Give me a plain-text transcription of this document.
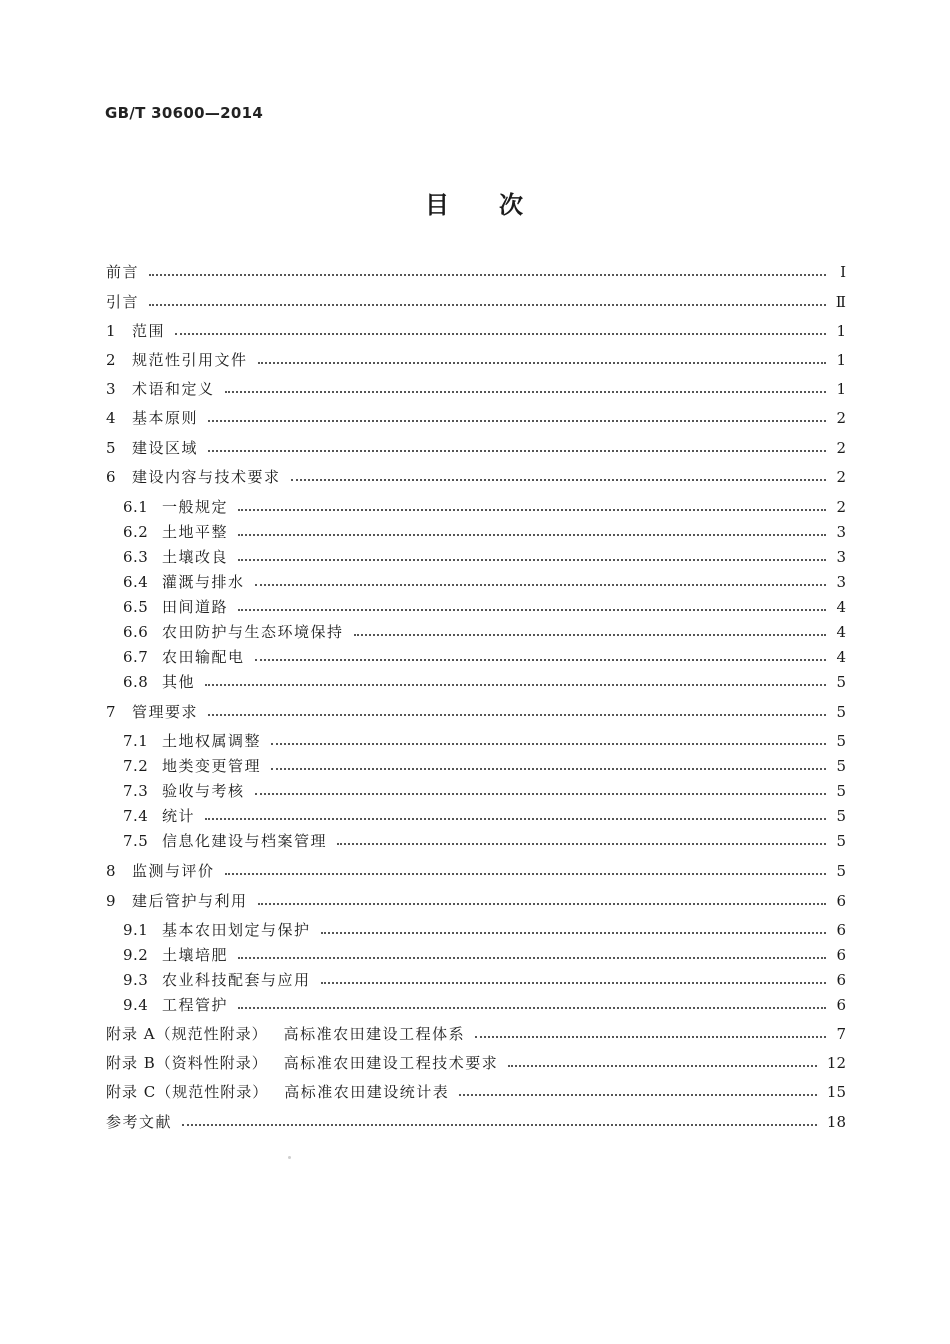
GB/T 30600—2014
目 次
前言	Ⅰ
引言	Ⅱ
1	范围	1
2	规范性引用文件	1
3	术语和定义	1
4	基本原则	2
5	建设区域	2
6	建设内容与技术要求	2
6.1 一般规定	2
6.2 土地平整	3
6.3 土壤改良	3
6.4 灌溉与排水	3
6.5 田间道路	4
6.6 农田防护与生态环境保持	4
6.7 农田输配电	4
6.8 其他	5
7	管理要求	5
7.1 土地权属调整	5
7.2 地类变更管理	5
7.3 验收与考核	5
7.4 统计	5
7.5 信息化建设与档案管理	5
8	监测与评价	5
9	建后管护与利用	6
9.1 基本农田划定与保护	6
9.2 土壤培肥	6
9.3 农业科技配套与应用	6
9.4 工程管护	6
附录 A（规范性附录） 高标准农田建设工程体系	7
附录 B（资料性附录） 高标准农田建设工程技术要求	12
附录 C（规范性附录） 高标准农田建设统计表	15
参考文献	18
